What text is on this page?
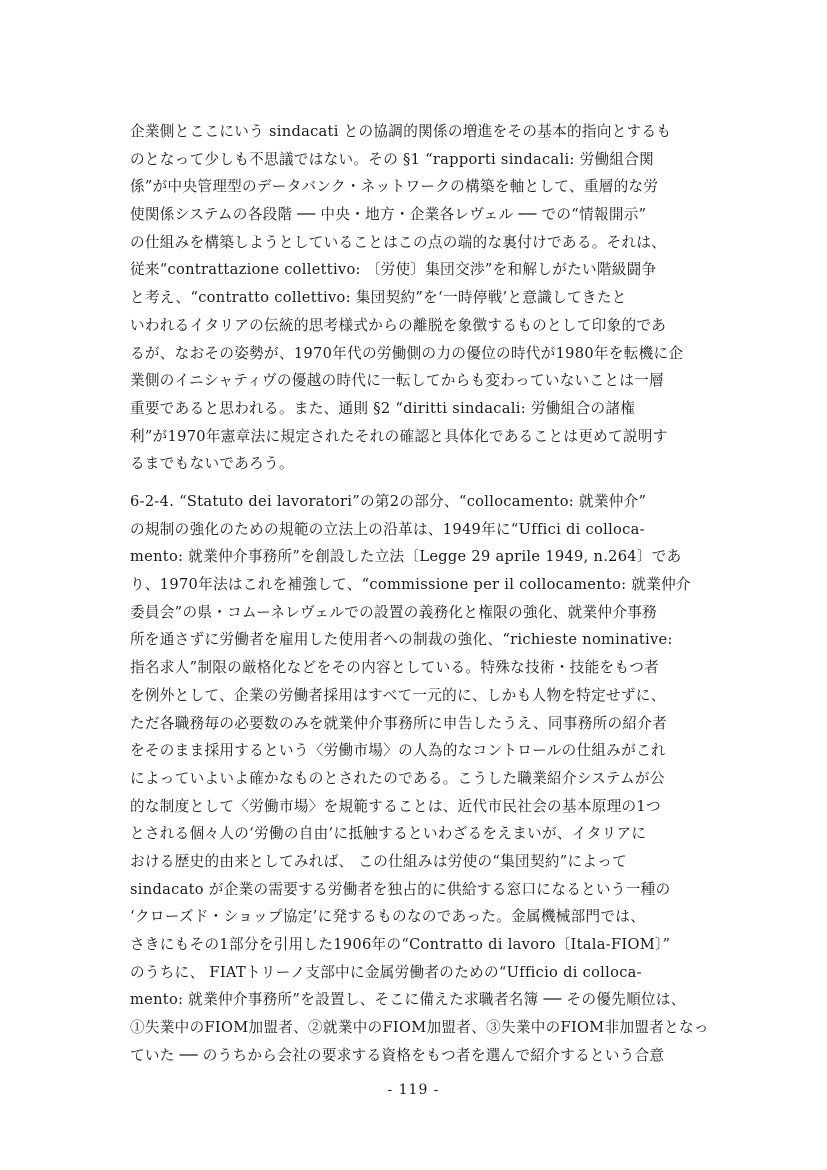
企業側とここにいう sindacati との協調的関係の増進をその基本的指向とするも
のとなって少しも不思議ではない。その §1 “rapporti sindacali: 労働組合関
係”が中央管理型のデータバンク・ネットワークの構築を軸として、重層的な労
使関係システムの各段階 ── 中央・地方・企業各レヴェル ── での“情報開示”
の仕組みを構築しようとしていることはこの点の端的な裏付けである。それは、
従来“contrattazione collettivo: 〔労使〕集団交渉”を和解しがたい階級闘争
と考え、“contratto collettivo: 集団契約”を‘一時停戦’と意識してきたと
いわれるイタリアの伝統的思考様式からの離脱を象徴するものとして印象的であ
るが、なおその姿勢が、1970年代の労働側の力の優位の時代が1980年を転機に企
業側のイニシャティヴの優越の時代に一転してからも変わっていないことは一層
重要であると思われる。また、通則 §2 “diritti sindacali: 労働組合の諸権
利”が1970年憲章法に規定されたそれの確認と具体化であることは更めて説明す
るまでもないであろう。
6-2-4. “Statuto dei lavoratori”の第2の部分、“collocamento: 就業仲介”
の規制の強化のための規範の立法上の沿革は、1949年に“Uffici di colloca-
mento: 就業仲介事務所”を創設した立法〔Legge 29 aprile 1949, n.264〕であ
り、1970年法はこれを補強して、“commissione per il collocamento: 就業仲介
委員会”の県・コムーネレヴェルでの設置の義務化と権限の強化、就業仲介事務
所を通さずに労働者を雇用した使用者への制裁の強化、“richieste nominative:
指名求人”制限の厳格化などをその内容としている。特殊な技術・技能をもつ者
を例外として、企業の労働者採用はすべて一元的に、しかも人物を特定せずに、
ただ各職務毎の必要数のみを就業仲介事務所に申告したうえ、同事務所の紹介者
をそのまま採用するという〈労働市場〉の人為的なコントロールの仕組みがこれ
によっていよいよ確かなものとされたのである。こうした職業紹介システムが公
的な制度として〈労働市場〉を規範することは、近代市民社会の基本原理の1つ
とされる個々人の‘労働の自由’に抵触するといわざるをえまいが、イタリアに
おける歴史的由来としてみれば、 この仕組みは労使の“集団契約”によって
sindacato が企業の需要する労働者を独占的に供給する窓口になるという一種の
‘クローズド・ショップ協定’に発するものなのであった。金属機械部門では、
さきにもその1部分を引用した1906年の“Contratto di lavoro〔Itala-FIOM〕”
のうちに、 FIATトリーノ支部中に金属労働者のための“Ufficio di colloca-
mento: 就業仲介事務所”を設置し、そこに備えた求職者名簿 ── その優先順位は、
①失業中のFIOM加盟者、②就業中のFIOM加盟者、③失業中のFIOM非加盟者となっ
ていた ── のうちから会社の要求する資格をもつ者を選んで紹介するという合意
- 119 -
